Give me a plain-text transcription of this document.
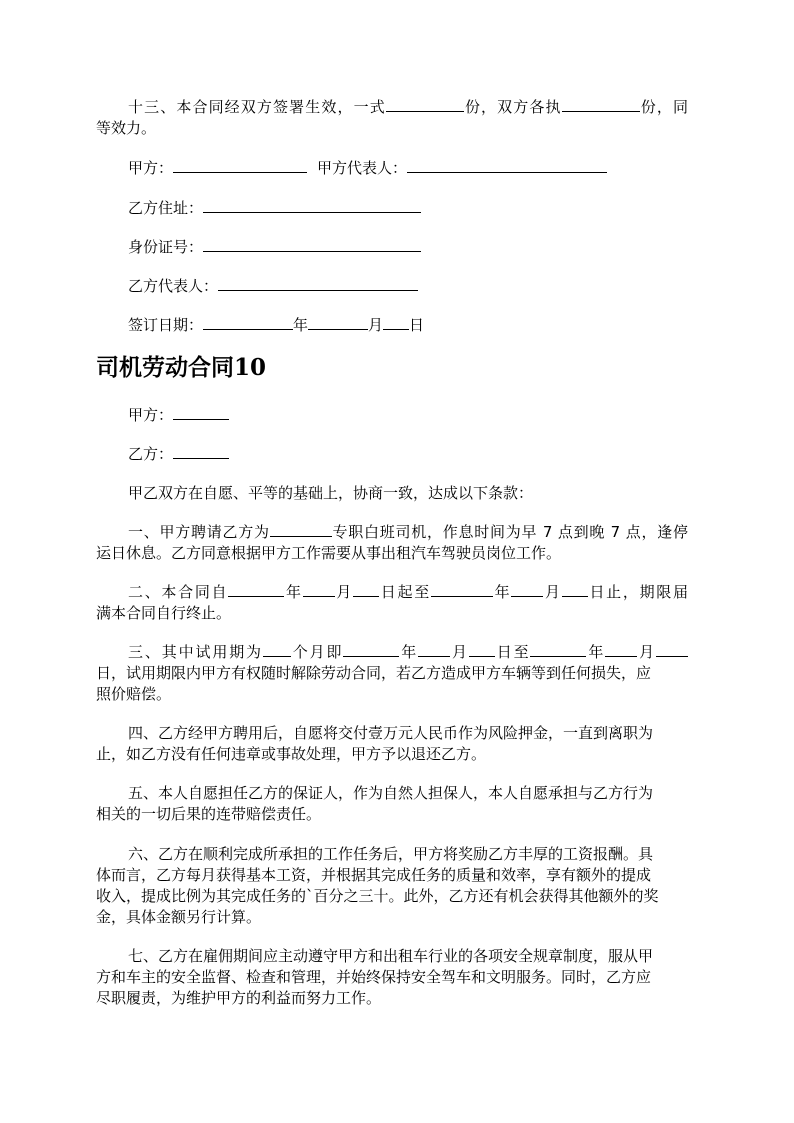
十三、本合同经双方签署生效，一式	份，双方各执	份，同
等效力。
甲方：	甲方代表人：
乙方住址：
身份证号：
乙方代表人：
签订日期：	年	月 日
司机劳动合同10
甲方：
乙方：
甲乙双方在自愿、平等的基础上，协商一致，达成以下条款：
一、甲方聘请乙方为	专职白班司机，作息时间为早 7 点到晚 7 点，逢停
运日休息。乙方同意根据甲方工作需要从事出租汽车驾驶员岗位工作。
二、本合同自	年 月 日起至	年 月 日止，期限届
满本合同自行终止。
三、其中试用期为 个月即	年 月 日至	年 月
日，试用期限内甲方有权随时解除劳动合同，若乙方造成甲方车辆等到任何损失，应
照价赔偿。
四、乙方经甲方聘用后，自愿将交付壹万元人民币作为风险押金，一直到离职为
止，如乙方没有任何违章或事故处理，甲方予以退还乙方。
五、本人自愿担任乙方的保证人，作为自然人担保人，本人自愿承担与乙方行为
相关的一切后果的连带赔偿责任。
六、乙方在顺利完成所承担的工作任务后，甲方将奖励乙方丰厚的工资报酬。具
体而言，乙方每月获得基本工资，并根据其完成任务的质量和效率，享有额外的提成
收入，提成比例为其完成任务的`百分之三十。此外，乙方还有机会获得其他额外的奖
金，具体金额另行计算。
七、乙方在雇佣期间应主动遵守甲方和出租车行业的各项安全规章制度，服从甲
方和车主的安全监督、检查和管理，并始终保持安全驾车和文明服务。同时，乙方应
尽职履责，为维护甲方的利益而努力工作。
